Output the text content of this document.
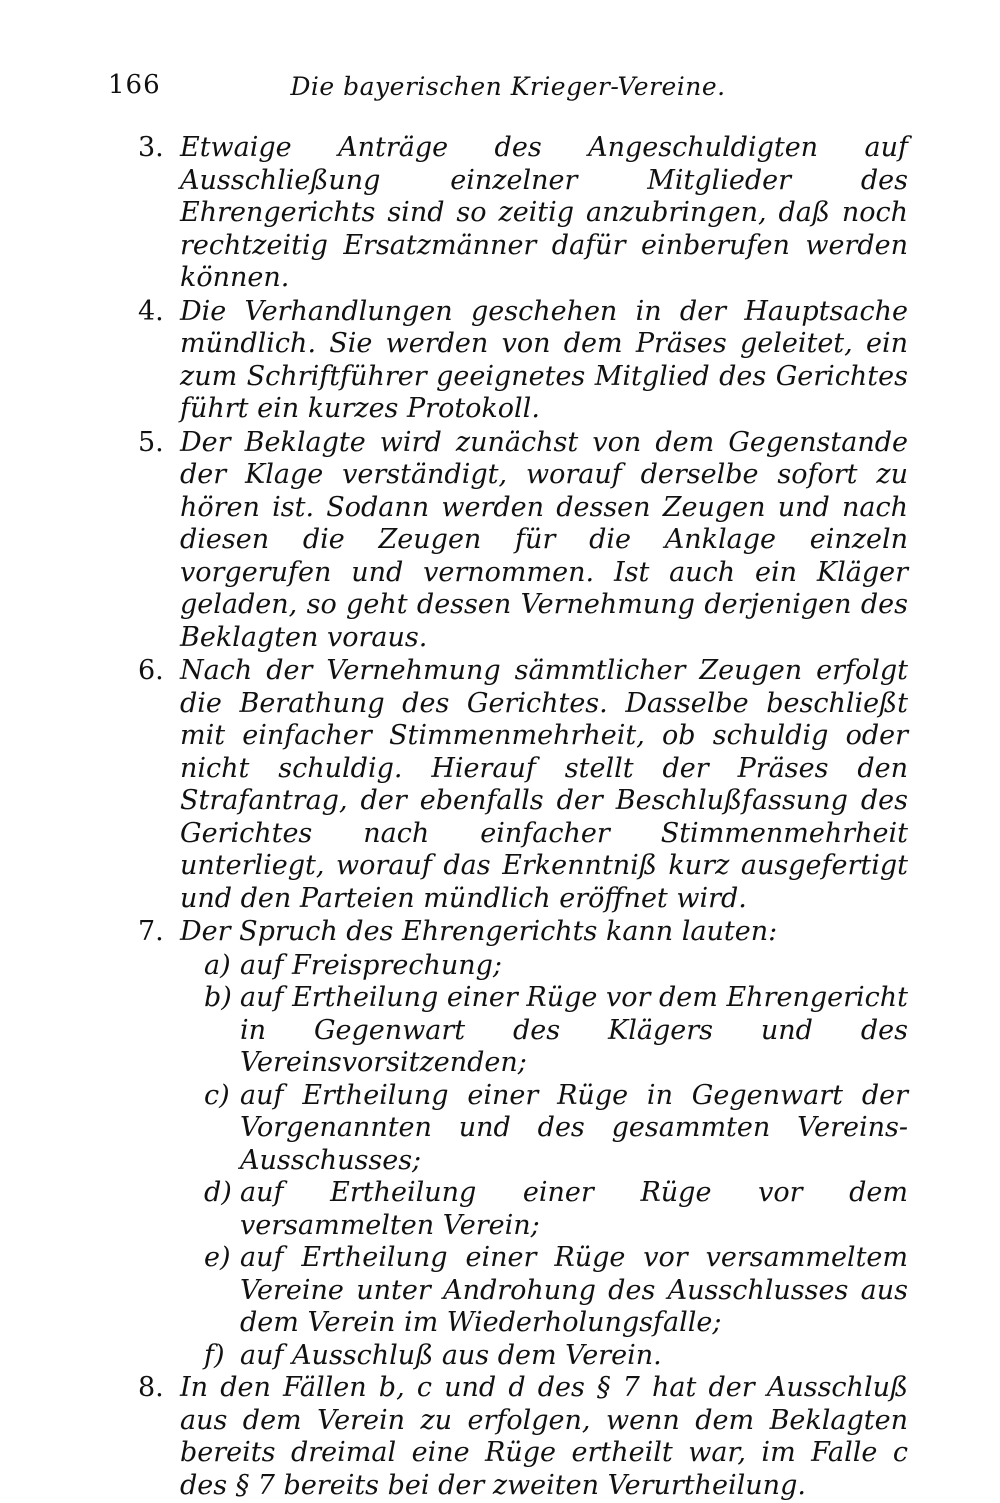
166	Die bayerischen Krieger-Vereine.
3. Etwaige Anträge des Angeschuldigten auf Ausschließung einzelner Mitglieder des Ehrengerichts sind so zeitig anzubringen, daß noch rechtzeitig Ersatzmänner dafür einberufen werden können.
4. Die Verhandlungen geschehen in der Hauptsache mündlich. Sie werden von dem Präses geleitet, ein zum Schriftführer geeignetes Mitglied des Gerichtes führt ein kurzes Protokoll.
5. Der Beklagte wird zunächst von dem Gegenstande der Klage verständigt, worauf derselbe sofort zu hören ist. Sodann werden dessen Zeugen und nach diesen die Zeugen für die Anklage einzeln vorgerufen und vernommen. Ist auch ein Kläger geladen, so geht dessen Vernehmung derjenigen des Beklagten voraus.
6. Nach der Vernehmung sämmtlicher Zeugen erfolgt die Berathung des Gerichtes. Dasselbe beschließt mit einfacher Stimmenmehrheit, ob schuldig oder nicht schuldig. Hierauf stellt der Präses den Strafantrag, der ebenfalls der Beschlußfassung des Gerichtes nach einfacher Stimmenmehrheit unterliegt, worauf das Erkenntniß kurz ausgefertigt und den Parteien mündlich eröffnet wird.
7. Der Spruch des Ehrengerichts kann lauten:
a) auf Freisprechung;
b) auf Ertheilung einer Rüge vor dem Ehrengericht in Gegenwart des Klägers und des Vereinsvorsitzenden;
c) auf Ertheilung einer Rüge in Gegenwart der Vorgenannten und des gesammten Vereins-Ausschusses;
d) auf Ertheilung einer Rüge vor dem versammelten Verein;
e) auf Ertheilung einer Rüge vor versammeltem Vereine unter Androhung des Ausschlusses aus dem Verein im Wiederholungsfalle;
f) auf Ausschluß aus dem Verein.
8. In den Fällen b, c und d des § 7 hat der Ausschluß aus dem Verein zu erfolgen, wenn dem Beklagten bereits dreimal eine Rüge ertheilt war, im Falle c des § 7 bereits bei der zweiten Verurtheilung.
